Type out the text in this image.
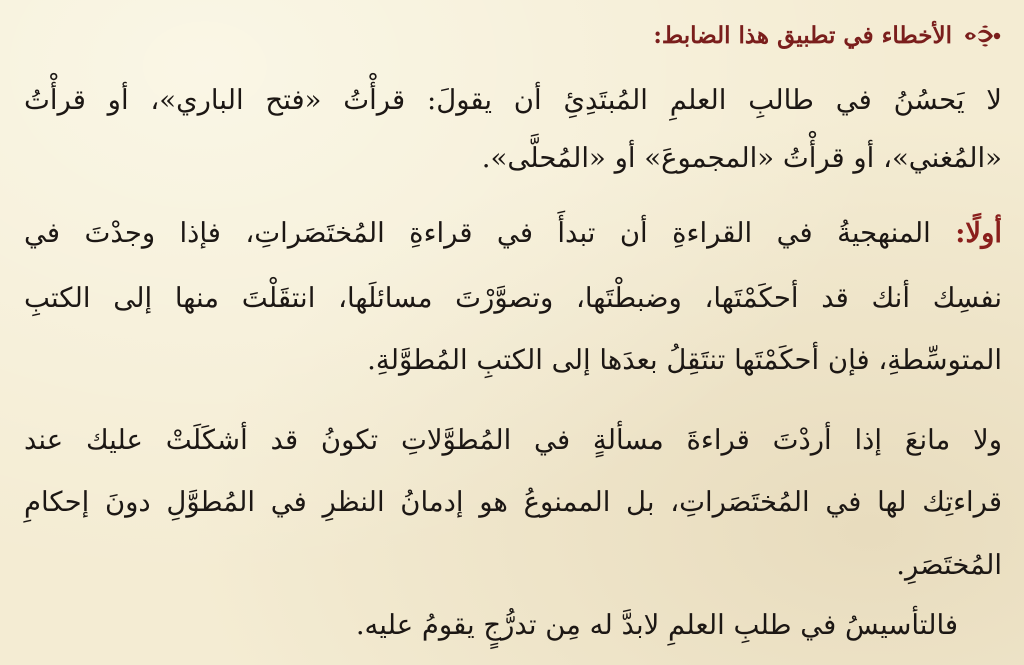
الأخطاء في تطبيق هذا الضابط:
لا يَحسُنُ في طالبِ العلمِ المُبتَدِئِ أن يقولَ: قرأْتُ «فتح الباري»، أو قرأْتُ
«المُغني»، أو قرأْتُ «المجموعَ» أو «المُحلَّى».
أولًا: المنهجيةُ في القراءةِ أن تبدأَ في قراءةِ المُختَصَراتِ، فإذا وجدْتَ في
نفسِك أنك قد أحكَمْتَها، وضبطْتَها، وتصوَّرْتَ مسائلَها، انتقَلْتَ منها إلى الكتبِ
المتوسِّطةِ، فإن أحكَمْتَها تنتَقِلُ بعدَها إلى الكتبِ المُطوَّلةِ.
ولا مانعَ إذا أردْتَ قراءةَ مسألةٍ في المُطوَّلاتِ تكونُ قد أشكَلَتْ عليك عند
قراءتِك لها في المُختَصَراتِ، بل الممنوعُ هو إدمانُ النظرِ في المُطوَّلِ دونَ إحكامِ
المُختَصَرِ.
فالتأسيسُ في طلبِ العلمِ لابدَّ له مِن تدرُّجٍ يقومُ عليه.
